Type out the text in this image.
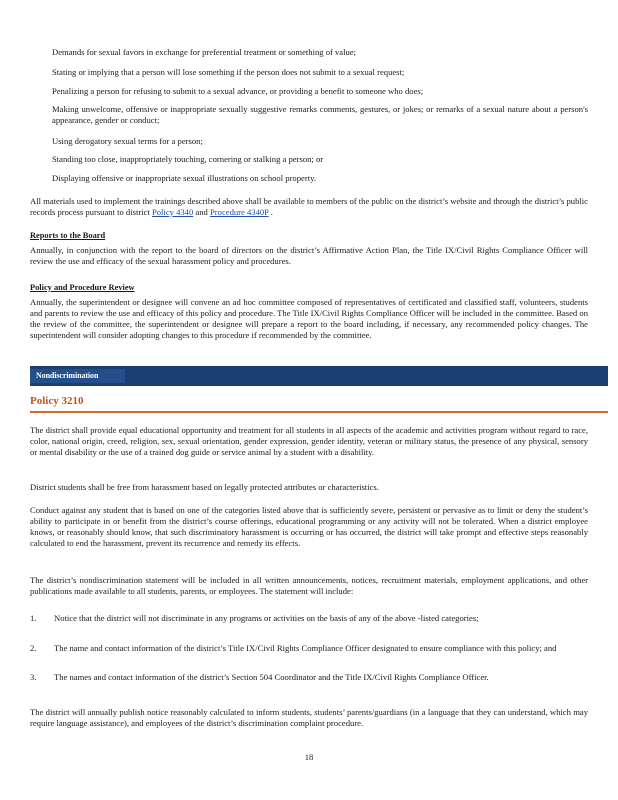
Demands for sexual favors in exchange for preferential treatment or something of value;
Stating or implying that a person will lose something if the person does not submit to a sexual request;
Penalizing a person for refusing to submit to a sexual advance, or providing a benefit to someone who does;
Making unwelcome, offensive or inappropriate sexually suggestive remarks comments, gestures, or jokes; or remarks of a sexual nature about a person's appearance, gender or conduct;
Using derogatory sexual terms for a person;
Standing too close, inappropriately touching, cornering or stalking a person; or
Displaying offensive or inappropriate sexual illustrations on school property.

All materials used to implement the trainings described above shall be available to members of the public on the district’s website and through the district’s public records process pursuant to district Policy 4340 and Procedure 4340P .

Reports to the Board

Annually, in conjunction with the report to the board of directors on the district’s Affirmative Action Plan, the Title IX/Civil Rights Compliance Officer will review the use and efficacy of the sexual harassment policy and procedures.

Policy and Procedure Review

Annually, the superintendent or designee will convene an ad hoc committee composed of representatives of certificated and classified staff, volunteers, students and parents to review the use and efficacy of this policy and procedure. The Title IX/Civil Rights Compliance Officer will be included in the committee. Based on the review of the committee, the superintendent or designee will prepare a report to the board including, if necessary, any recommended policy changes. The superintendent will consider adopting changes to this procedure if recommended by the committee.

Nondiscrimination
Policy 3210

The district shall provide equal educational opportunity and treatment for all students in all aspects of the academic and activities program without regard to race, color, national origin, creed, religion, sex, sexual orientation, gender expression, gender identity, veteran or military status, the presence of any physical, sensory or mental disability or the use of a trained dog guide or service animal by a student with a disability.

District students shall be free from harassment based on legally protected attributes or characteristics.

Conduct against any student that is based on one of the categories listed above that is sufficiently severe, persistent or pervasive as to limit or deny the student’s ability to participate in or benefit from the district’s course offerings, educational programming or any activity will not be tolerated. When a district employee knows, or reasonably should know, that such discriminatory harassment is occurring or has occurred, the district will take prompt and effective steps reasonably calculated to end the harassment, prevent its recurrence and remedy its effects.

The district’s nondiscrimination statement will be included in all written announcements, notices, recruitment materials, employment applications, and other publications made available to all students, parents, or employees. The statement will include:

1.	Notice that the district will not discriminate in any programs or activities on the basis of any of the above -listed categories;
2.	The name and contact information of the district’s Title IX/Civil Rights Compliance Officer designated to ensure compliance with this policy; and
3.	The names and contact information of the district’s Section 504 Coordinator and the Title IX/Civil Rights Compliance Officer.

The district will annually publish notice reasonably calculated to inform students, students’ parents/guardians (in a language that they can understand, which may require language assistance), and employees of the district’s discrimination complaint procedure.

18
